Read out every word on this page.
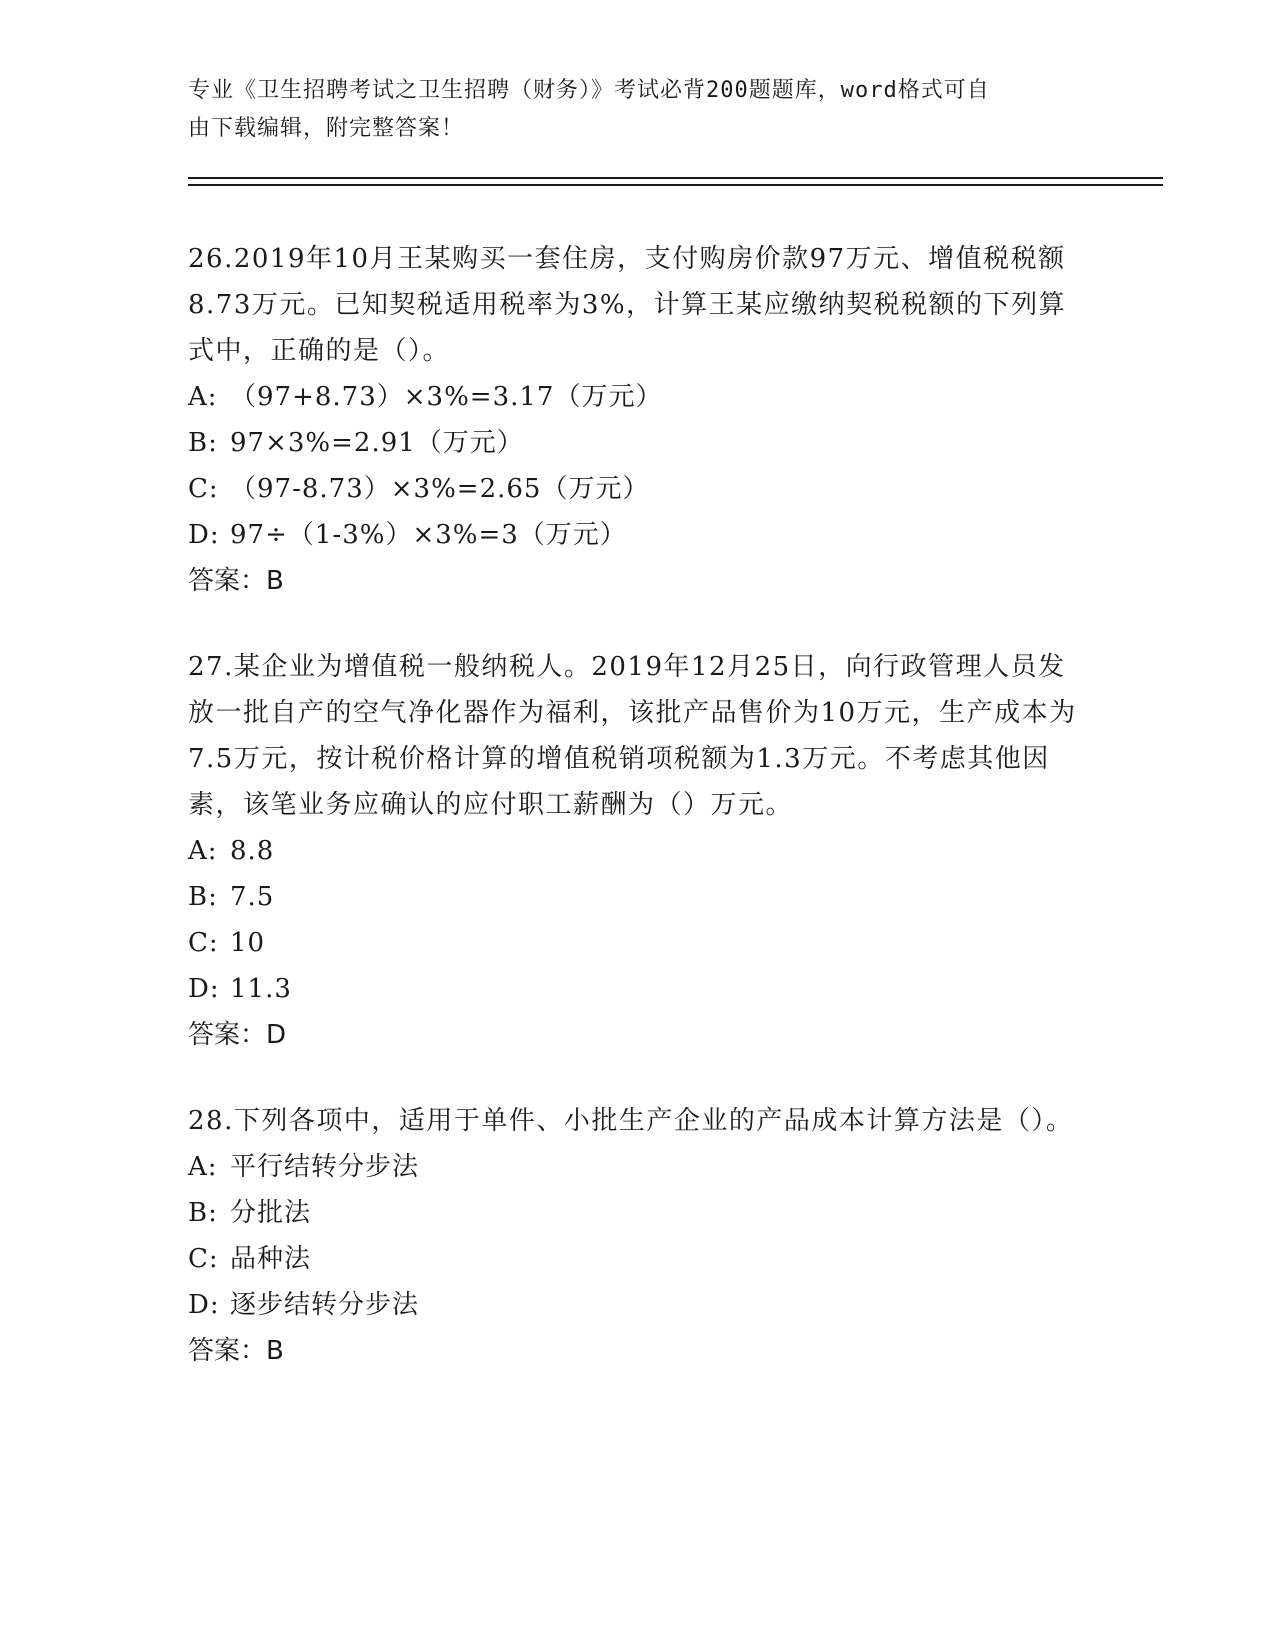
专业《卫生招聘考试之卫生招聘（财务）》考试必背200题题库，word格式可自
由下载编辑，附完整答案！
26.2019年10月王某购买一套住房，支付购房价款97万元、增值税税额8.73万元。已知契税适用税率为3%，计算王某应缴纳契税税额的下列算式中，正确的是（）。
A: （97+8.73）×3%=3.17（万元）
B: 97×3%=2.91（万元）
C: （97-8.73）×3%=2.65（万元）
D: 97÷（1-3%）×3%=3（万元）
答案：B
27.某企业为增值税一般纳税人。2019年12月25日，向行政管理人员发放一批自产的空气净化器作为福利，该批产品售价为10万元，生产成本为7.5万元，按计税价格计算的增值税销项税额为1.3万元。不考虑其他因素，该笔业务应确认的应付职工薪酬为（）万元。
A: 8.8
B: 7.5
C: 10
D: 11.3
答案：D
28.下列各项中，适用于单件、小批生产企业的产品成本计算方法是（）。
A: 平行结转分步法
B: 分批法
C: 品种法
D: 逐步结转分步法
答案：B
